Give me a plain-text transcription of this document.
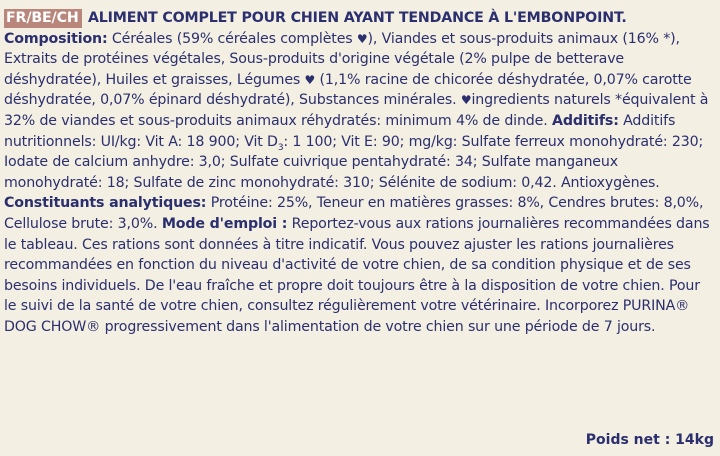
FR/BE/CH ALIMENT COMPLET POUR CHIEN AYANT TENDANCE À L'EMBONPOINT. Composition: Céréales (59% céréales complètes ♥), Viandes et sous-produits animaux (16% *), Extraits de protéines végétales, Sous-produits d'origine végétale (2% pulpe de betterave déshydratée), Huiles et graisses, Légumes ♥ (1,1% racine de chicorée déshydratée, 0,07% carotte déshydratée, 0,07% épinard déshydraté), Substances minérales. ♥ingredients naturels *équivalent à 32% de viandes et sous-produits animaux réhydratés: minimum 4% de dinde. Additifs: Additifs nutritionnels: UI/kg: Vit A: 18 900; Vit $D_3$: 1 100; Vit E: 90; mg/kg: Sulfate ferreux monohydraté: 230; Iodate de calcium anhydre: 3,0; Sulfate cuivrique pentahydraté: 34; Sulfate manganeux monohydraté: 18; Sulfate de zinc monohydraté: 310; Sélénite de sodium: 0,42. Antioxygènes. Constituants analytiques: Protéine: 25%, Teneur en matières grasses: 8%, Cendres brutes: 8,0%, Cellulose brute: 3,0%. Mode d'emploi : Reportez-vous aux rations journalières recommandées dans le tableau. Ces rations sont données à titre indicatif. Vous pouvez ajuster les rations journalières recommandées en fonction du niveau d'activité de votre chien, de sa condition physique et de ses besoins individuels. De l'eau fraîche et propre doit toujours être à la disposition de votre chien. Pour le suivi de la santé de votre chien, consultez régulièrement votre vétérinaire. Incorporez PURINA® DOG CHOW® progressivement dans l'alimentation de votre chien sur une période de 7 jours.
Poids net : 14kg
